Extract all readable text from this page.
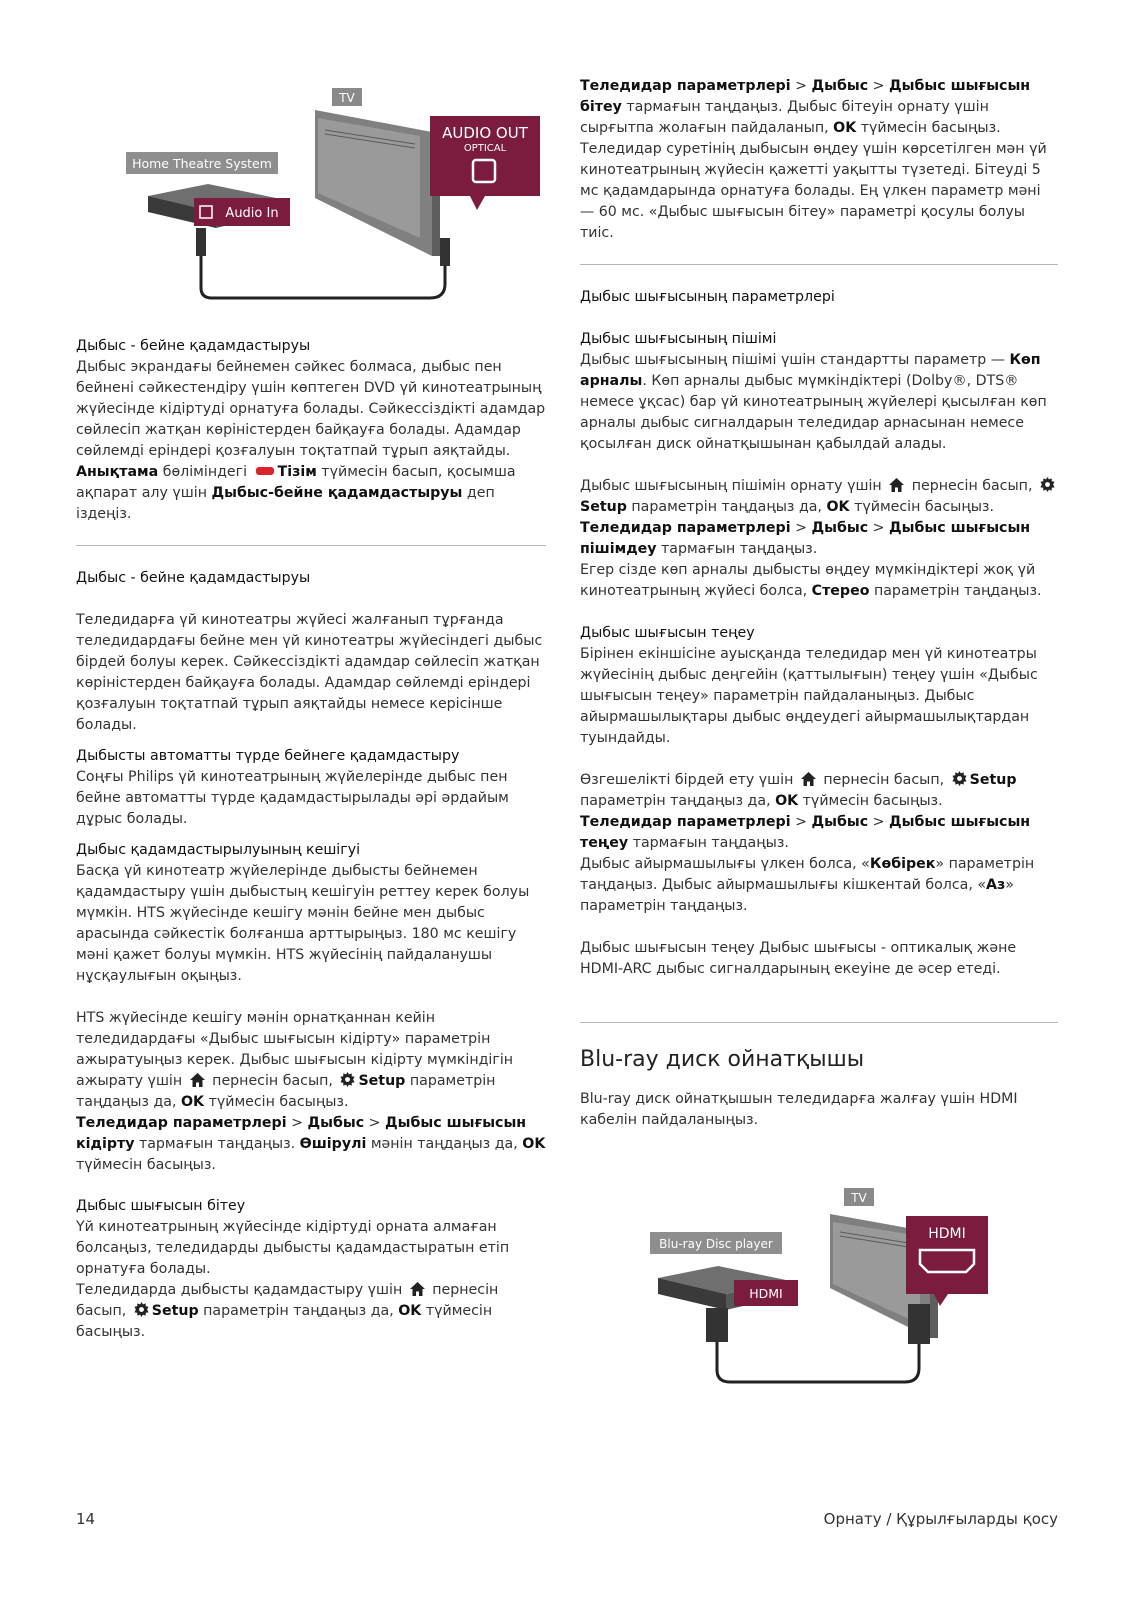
TV
AUDIO OUT
OPTICAL
Home Theatre System
Audio In

Дыбыс - бейне қадамдастыруы

Дыбыс экрандағы бейнемен сәйкес болмаса, дыбыс пен бейнені сәйкестендіру үшін көптеген DVD үй кинотеатрының жүйесінде кідіртуді орнатуға болады. Сәйкессіздікті адамдар сөйлесіп жатқан көріністерден байқауға болады. Адамдар сөйлемді еріндері қозғалуын тоқтатпай тұрып аяқтайды.

Анықтама бөліміндегі Тізім түймесін басып, қосымша ақпарат алу үшін Дыбыс-бейне қадамдастыруы деп іздеңіз.

Дыбыс - бейне қадамдастыруы

Теледидарға үй кинотеатры жүйесі жалғанып тұрғанда теледидардағы бейне мен үй кинотеатры жүйесіндегі дыбыс бірдей болуы керек. Сәйкессіздікті адамдар сөйлесіп жатқан көріністерден байқауға болады. Адамдар сөйлемді еріндері қозғалуын тоқтатпай тұрып аяқтайды немесе керісінше болады.

Дыбысты автоматты түрде бейнеге қадамдастыру

Соңғы Philips үй кинотеатрының жүйелерінде дыбыс пен бейне автоматты түрде қадамдастырылады әрі әрдайым дұрыс болады.

Дыбыс қадамдастырылуының кешігуі

Басқа үй кинотеатр жүйелерінде дыбысты бейнемен қадамдастыру үшін дыбыстың кешігуін реттеу керек болуы мүмкін. HTS жүйесінде кешігу мәнін бейне мен дыбыс арасында сәйкестік болғанша арттырыңыз. 180 мс кешігу мәні қажет болуы мүмкін. HTS жүйесінің пайдаланушы нұсқаулығын оқыңыз.

HTS жүйесінде кешігу мәнін орнатқаннан кейін теледидардағы «Дыбыс шығысын кідірту» параметрін ажыратуыңыз керек. Дыбыс шығысын кідірту мүмкіндігін ажырату үшін  пернесін басып, Setup параметрін таңдаңыз да, OK түймесін басыңыз.
Теледидар параметрлері > Дыбыс > Дыбыс шығысын кідірту тармағын таңдаңыз. Өшірулі мәнін таңдаңыз да, OK түймесін басыңыз.

Дыбыс шығысын бітеу

Үй кинотеатрының жүйесінде кідіртуді орната алмаған болсаңыз, теледидарды дыбысты қадамдастыратын етіп орнатуға болады.

Теледидарда дыбысты қадамдастыру үшін  пернесін басып, Setup параметрін таңдаңыз да, OK түймесін басыңыз.

Теледидар параметрлері > Дыбыс > Дыбыс шығысын бітеу тармағын таңдаңыз. Дыбыс бітеуін орнату үшін сырғытпа жолағын пайдаланып, OK түймесін басыңыз. Теледидар суретінің дыбысын өңдеу үшін көрсетілген мән үй кинотеатрының жүйесін қажетті уақытты түзетеді. Бітеуді 5 мс қадамдарында орнатуға болады. Ең үлкен параметр мәні — 60 мс. «Дыбыс шығысын бітеу» параметрі қосулы болуы тиіс.

Дыбыс шығысының параметрлері

Дыбыс шығысының пішімі

Дыбыс шығысының пішімі үшін стандартты параметр — Көп арналы. Көп арналы дыбыс мүмкіндіктері (Dolby®, DTS® немесе ұқсас) бар үй кинотеатрының жүйелері қысылған көп арналы дыбыс сигналдарын теледидар арнасынан немесе қосылған диск ойнатқышынан қабылдай алады.

Дыбыс шығысының пішімін орнату үшін  пернесін басып, Setup параметрін таңдаңыз да, OK түймесін басыңыз.
Теледидар параметрлері > Дыбыс > Дыбыс шығысын пішімдеу тармағын таңдаңыз.

Егер сізде көп арналы дыбысты өңдеу мүмкіндіктері жоқ үй кинотеатрының жүйесі болса, Стерео параметрін таңдаңыз.

Дыбыс шығысын теңеу

Бірінен екіншісіне ауысқанда теледидар мен үй кинотеатры жүйесінің дыбыс деңгейін (қаттылығын) теңеу үшін «Дыбыс шығысын теңеу» параметрін пайдаланыңыз. Дыбыс айырмашылықтары дыбыс өңдеудегі айырмашылықтардан туындайды.

Өзгешелікті бірдей ету үшін  пернесін басып, Setup параметрін таңдаңыз да, OK түймесін басыңыз.
Теледидар параметрлері > Дыбыс > Дыбыс шығысын теңеу тармағын таңдаңыз.

Дыбыс айырмашылығы үлкен болса, «Көбірек» параметрін таңдаңыз. Дыбыс айырмашылығы кішкентай болса, «Аз» параметрін таңдаңыз.

Дыбыс шығысын теңеу Дыбыс шығысы - оптикалық және HDMI-ARC дыбыс сигналдарының екеуіне де әсер етеді.

Blu-ray диск ойнатқышы

Blu-ray диск ойнатқышын теледидарға жалғау үшін HDMI кабелін пайдаланыңыз.

TV
HDMI
Blu-ray Disc player
HDMI
14	Орнату / Құрылғыларды қосу
